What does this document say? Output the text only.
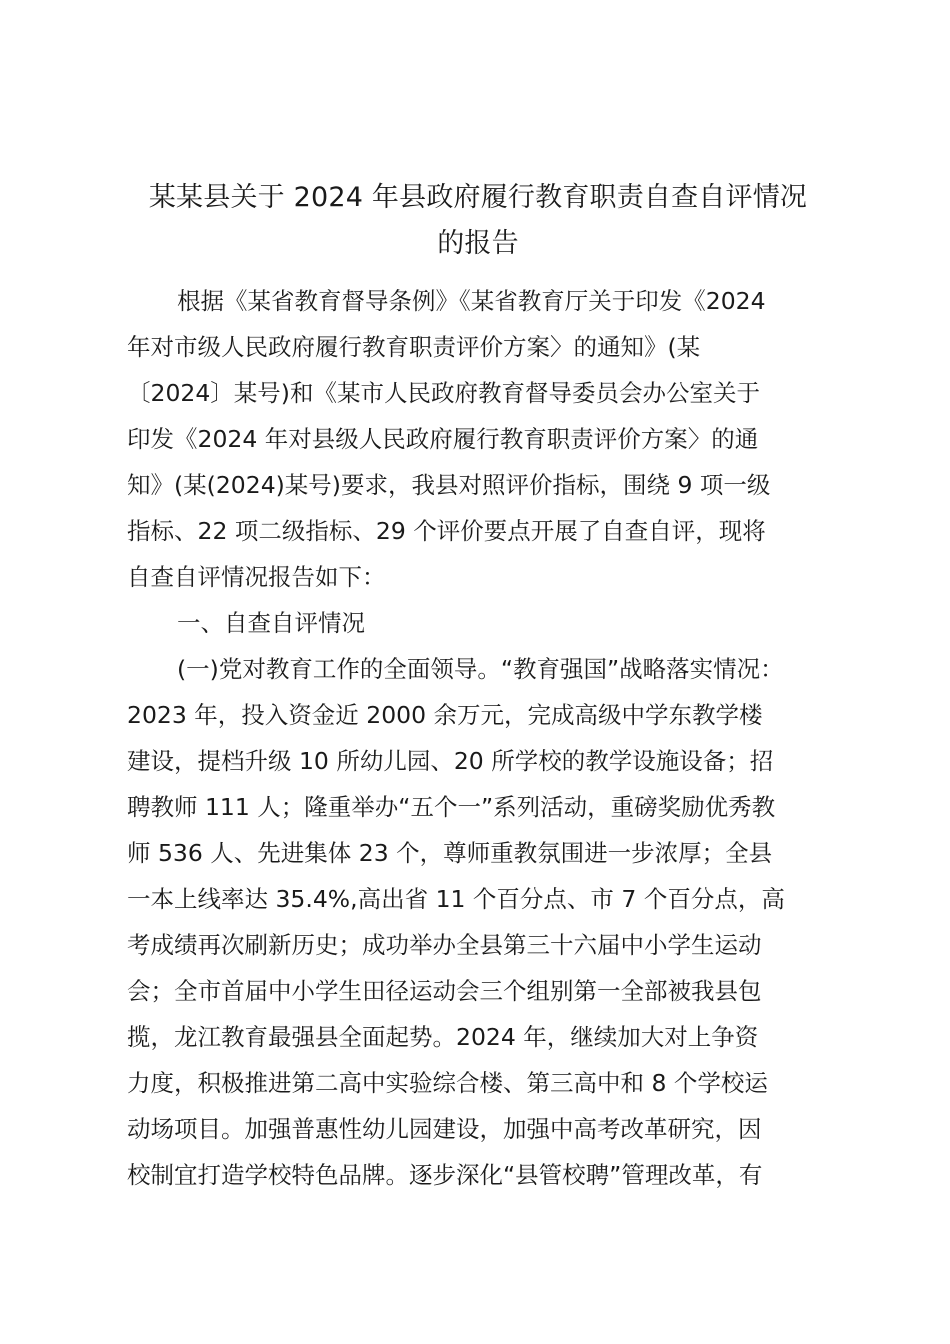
某某县关于 2024 年县政府履行教育职责自查自评情况
的报告
根据《某省教育督导条例》《某省教育厅关于印发《2024
年对市级人民政府履行教育职责评价方案〉的通知》(某
〔2024〕某号)和《某市人民政府教育督导委员会办公室关于
印发《2024 年对县级人民政府履行教育职责评价方案〉的通
知》(某(2024)某号)要求，我县对照评价指标，围绕 9 项一级
指标、22 项二级指标、29 个评价要点开展了自查自评，现将
自查自评情况报告如下：
一、自查自评情况
(一)党对教育工作的全面领导。“教育强国”战略落实情况：
2023 年，投入资金近 2000 余万元，完成高级中学东教学楼
建设，提档升级 10 所幼儿园、20 所学校的教学设施设备；招
聘教师 111 人；隆重举办“五个一”系列活动，重磅奖励优秀教
师 536 人、先进集体 23 个，尊师重教氛围进一步浓厚；全县
一本上线率达 35.4%,高出省 11 个百分点、市 7 个百分点，高
考成绩再次刷新历史；成功举办全县第三十六届中小学生运动
会；全市首届中小学生田径运动会三个组别第一全部被我县包
揽，龙江教育最强县全面起势。2024 年，继续加大对上争资
力度，积极推进第二高中实验综合楼、第三高中和 8 个学校运
动场项目。加强普惠性幼儿园建设，加强中高考改革研究，因
校制宜打造学校特色品牌。逐步深化“县管校聘”管理改革，有
